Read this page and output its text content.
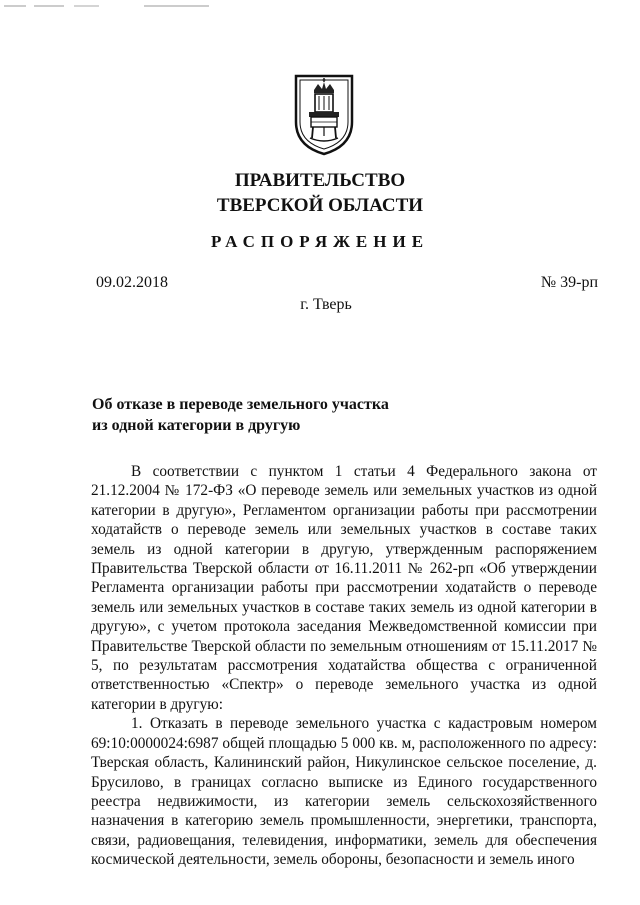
ПРАВИТЕЛЬСТВО
ТВЕРСКОЙ ОБЛАСТИ
РАСПОРЯЖЕНИЕ
09.02.2018	№ 39-рп
г. Тверь
Об отказе в переводе земельного участка
из одной категории в другую

В соответствии с пунктом 1 статьи 4 Федерального закона от 21.12.2004 № 172-ФЗ «О переводе земель или земельных участков из одной категории в другую», Регламентом организации работы при рассмотрении ходатайств о переводе земель или земельных участков в составе таких земель из одной категории в другую, утвержденным распоряжением Правительства Тверской области от 16.11.2011 № 262-рп «Об утверждении Регламента организации работы при рассмотрении ходатайств о переводе земель или земельных участков в составе таких земель из одной категории в другую», с учетом протокола заседания Межведомственной комиссии при Правительстве Тверской области по земельным отношениям от 15.11.2017 № 5, по результатам рассмотрения ходатайства общества с ограниченной ответственностью «Спектр» о переводе земельного участка из одной категории в другую:

1. Отказать в переводе земельного участка с кадастровым номером 69:10:0000024:6987 общей площадью 5 000 кв. м, расположенного по адресу: Тверская область, Калининский район, Никулинское сельское поселение, д. Брусилово, в границах согласно выписке из Единого государственного реестра недвижимости, из категории земель сельскохозяйственного назначения в категорию земель промышленности, энергетики, транспорта, связи, радиовещания, телевидения, информатики, земель для обеспечения космической деятельности, земель обороны, безопасности и земель иного
